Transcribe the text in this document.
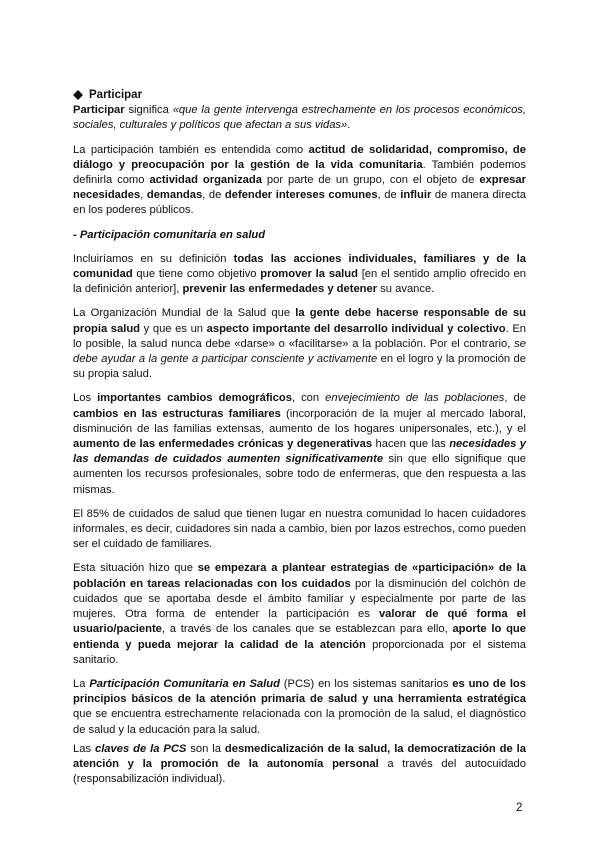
Participar

Participar significa «que la gente intervenga estrechamente en los procesos económicos, sociales, culturales y políticos que afectan a sus vidas».

La participación también es entendida como actitud de solidaridad, compromiso, de diálogo y preocupación por la gestión de la vida comunitaria. También podemos definirla como actividad organizada por parte de un grupo, con el objeto de expresar necesidades, demandas, de defender intereses comunes, de influir de manera directa en los poderes públicos.

- Participación comunitaria en salud

Incluiríamos en su definición todas las acciones individuales, familiares y de la comunidad que tiene como objetivo promover la salud [en el sentido amplio ofrecido en la definición anterior], prevenir las enfermedades y detener su avance.

La Organización Mundial de la Salud que la gente debe hacerse responsable de su propia salud y que es un aspecto importante del desarrollo individual y colectivo. En lo posible, la salud nunca debe «darse» o «facilitarse» a la población. Por el contrario, se debe ayudar a la gente a participar consciente y activamente en el logro y la promoción de su propia salud.

Los importantes cambios demográficos, con envejecimiento de las poblaciones, de cambios en las estructuras familiares (incorporación de la mujer al mercado laboral, disminución de las familias extensas, aumento de los hogares unipersonales, etc.), y el aumento de las enfermedades crónicas y degenerativas hacen que las necesidades y las demandas de cuidados aumenten significativamente sin que ello signifique que aumenten los recursos profesionales, sobre todo de enfermeras, que den respuesta a las mismas.

El 85% de cuidados de salud que tienen lugar en nuestra comunidad lo hacen cuidadores informales, es decir, cuidadores sin nada a cambio, bien por lazos estrechos, como pueden ser el cuidado de familiares.

Esta situación hizo que se empezara a plantear estrategias de «participación» de la población en tareas relacionadas con los cuidados por la disminución del colchón de cuidados que se aportaba desde el ámbito familiar y especialmente por parte de las mujeres. Otra forma de entender la participación es valorar de qué forma el usuario/paciente, a través de los canales que se establezcan para ello, aporte lo que entienda y pueda mejorar la calidad de la atención proporcionada por el sistema sanitario.

La Participación Comunitaria en Salud (PCS) en los sistemas sanitarios es uno de los principios básicos de la atención primaria de salud y una herramienta estratégica que se encuentra estrechamente relacionada con la promoción de la salud, el diagnóstico de salud y la educación para la salud.

Las claves de la PCS son la desmedicalización de la salud, la democratización de la atención y la promoción de la autonomía personal a través del autocuidado (responsabilización individual).

2
